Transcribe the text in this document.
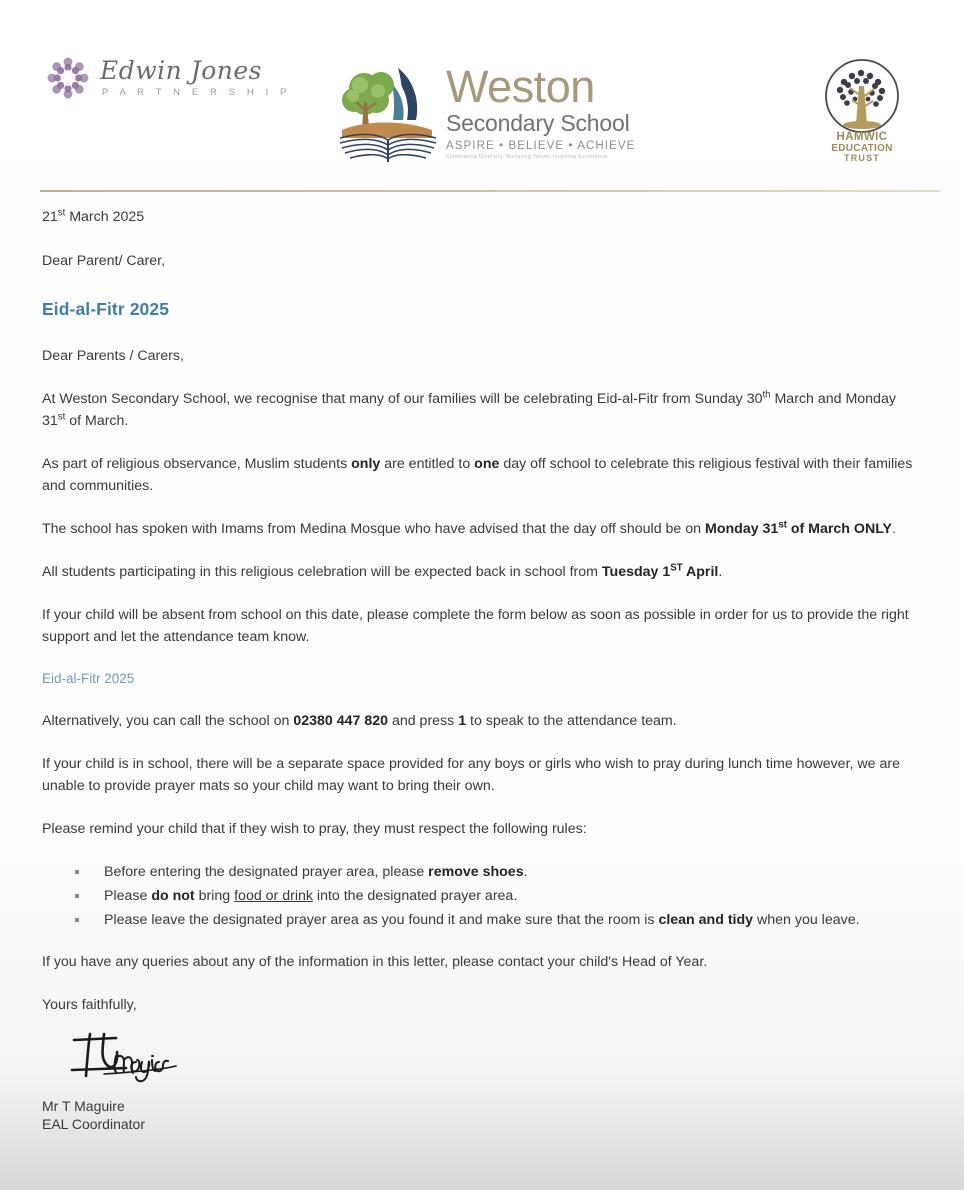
Edwin Jones
P A R T N E R S H I P	Weston
Secondary School
ASPIRE • BELIEVE • ACHIEVE
Celebrating Diversity, Nurturing Talent, Inspiring Excellence
HAMWIC
EDUCATION
TRUST

21st March 2025

Dear Parent/ Carer,

Eid-al-Fitr 2025

Dear Parents / Carers,

At Weston Secondary School, we recognise that many of our families will be celebrating Eid-al-Fitr from Sunday 30th March and Monday 31st of March.

As part of religious observance, Muslim students only are entitled to one day off school to celebrate this religious festival with their families and communities.

The school has spoken with Imams from Medina Mosque who have advised that the day off should be on Monday 31st of March ONLY.

All students participating in this religious celebration will be expected back in school from Tuesday 1ST April.

If your child will be absent from school on this date, please complete the form below as soon as possible in order for us to provide the right support and let the attendance team know.

Eid-al-Fitr 2025

Alternatively, you can call the school on 02380 447 820 and press 1 to speak to the attendance team.

If your child is in school, there will be a separate space provided for any boys or girls who wish to pray during lunch time however, we are unable to provide prayer mats so your child may want to bring their own.

Please remind your child that if they wish to pray, they must respect the following rules:

Before entering the designated prayer area, please remove shoes.
Please do not bring food or drink into the designated prayer area.
Please leave the designated prayer area as you found it and make sure that the room is clean and tidy when you leave.

If you have any queries about any of the information in this letter, please contact your child's Head of Year.

Yours faithfully,

Mr T Maguire

EAL Coordinator
